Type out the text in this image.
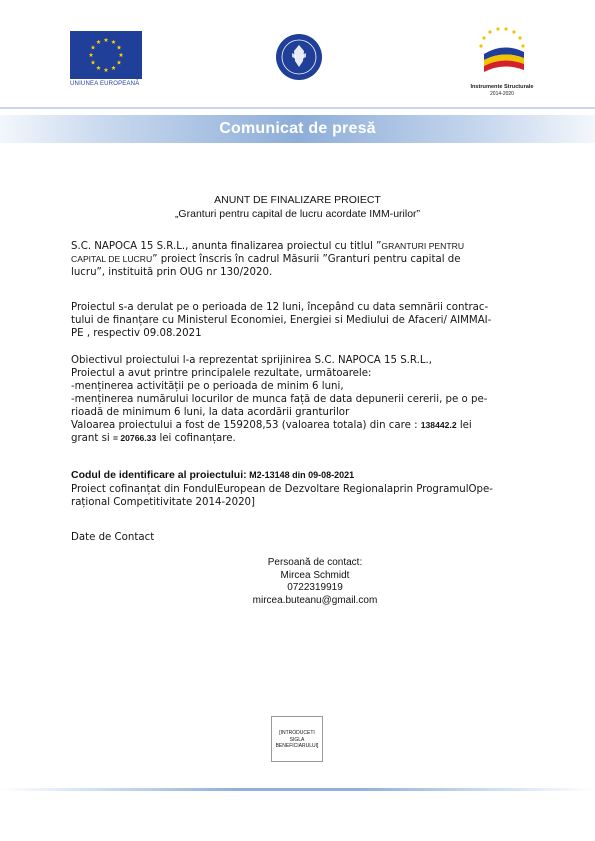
UNIUNEA EUROPEANĂ	Instrumente Structurale
2014-2020
Comunicat de presă
ANUNT DE FINALIZARE PROIECT
„Granturi pentru capital de lucru acordate IMM-urilor”
S.C. NAPOCA 15 S.R.L., anunta finalizarea proiectul cu titlul ”GRANTURI PENTRU
CAPITAL DE LUCRU” proiect înscris în cadrul Măsurii ”Granturi pentru capital de
lucru”, instituită prin OUG nr 130/2020.
Proiectul s-a derulat pe o perioada de 12 luni, începând cu data semnării contrac-
tului de finanțare cu Ministerul Economiei, Energiei si Mediului de Afaceri/ AIMMAI-
PE , respectiv 09.08.2021
Obiectivul proiectului l-a reprezentat sprijinirea S.C. NAPOCA 15 S.R.L.,
Proiectul a avut printre principalele rezultate, următoarele:
-menținerea activității pe o perioada de minim 6 luni,
-menținerea numărului locurilor de munca față de data depunerii cererii, pe o pe-
rioadă de minimum 6 luni, la data acordării granturilor
Valoarea proiectului a fost de 159208,53 (valoarea totala) din care : 138442.2 lei
grant si = 20766.33 lei cofinanțare.
Codul de identificare al proiectului: M2-13148 din 09-08-2021
Proiect cofinanțat din FondulEuropean de Dezvoltare Regionalaprin ProgramulOpe-
rațional Competitivitate 2014-2020]
Date de Contact
Persoană de contact:
Mircea Schmidt
0722319919
mircea.buteanu@gmail.com
[INTRODUCETI
SIGLA
BENEFICIARULUI]
